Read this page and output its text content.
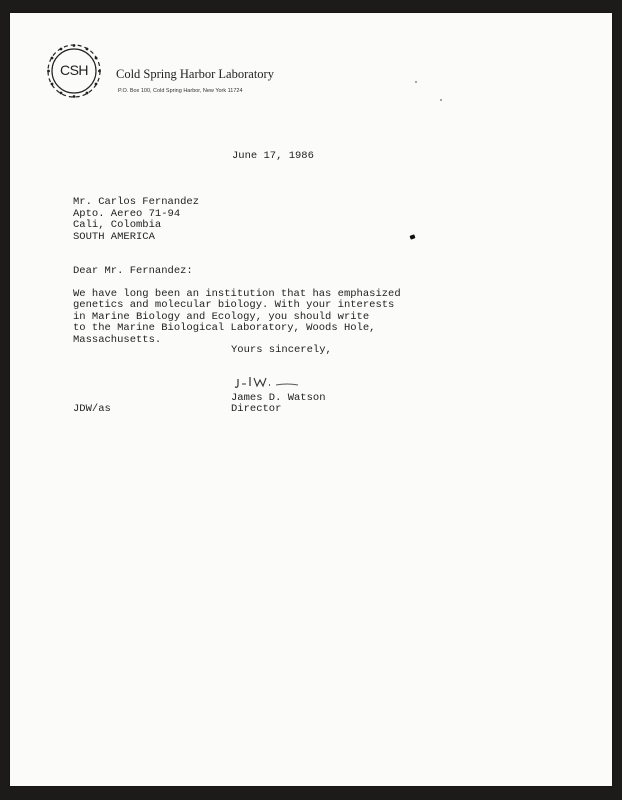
CSH Cold Spring Harbor Laboratory
P.O. Box 100, Cold Spring Harbor, New York 11724
June 17, 1986
Mr. Carlos Fernandez
Apto. Aereo 71-94
Cali, Colombia
SOUTH AMERICA
Dear Mr. Fernandez:

We have long been an institution that has emphasized
genetics and molecular biology. With your interests
in Marine Biology and Ecology, you should write
to the Marine Biological Laboratory, Woods Hole,
Massachusetts.
Yours sincerely,
James D. Watson
Director
JDW/as
